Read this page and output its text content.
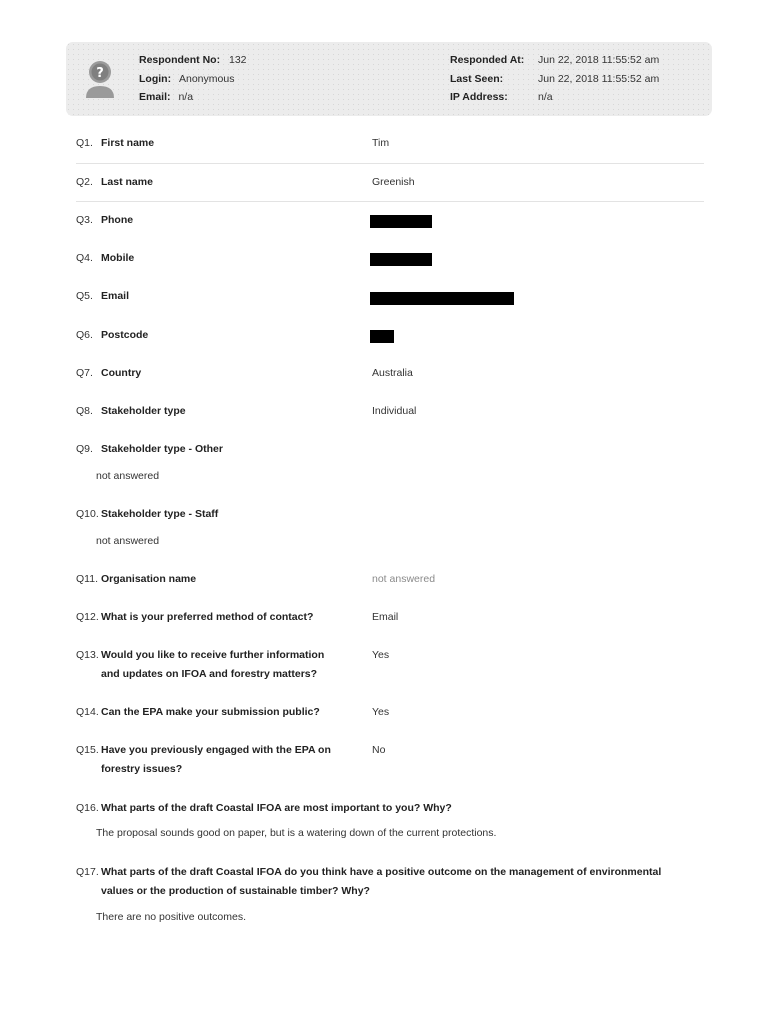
?
Respondent No: 132
Login: Anonymous
Email: n/a
Responded At: Jun 22, 2018 11:55:52 am
Last Seen:	Jun 22, 2018 11:55:52 am
IP Address:	n/a
Q1. First name	Tim
Q2. Last name	Greenish
Q3. Phone
Q4. Mobile
Q5. Email
Q6. Postcode
Q7. Country	Australia
Q8. Stakeholder type	Individual
Q9. Stakeholder type - Other
not answered
Q10. Stakeholder type - Staff
not answered
Q11. Organisation name	not answered
Q12. What is your preferred method of contact?	Email
Q13. Would you like to receive further information
and updates on IFOA and forestry matters?
Yes
Q14. Can the EPA make your submission public?	Yes
Q15. Have you previously engaged with the EPA on
forestry issues?
No
Q16. What parts of the draft Coastal IFOA are most important to you? Why?
The proposal sounds good on paper, but is a watering down of the current protections.
Q17. What parts of the draft Coastal IFOA do you think have a positive outcome on the management of environmental
values or the production of sustainable timber? Why?
There are no positive outcomes.
